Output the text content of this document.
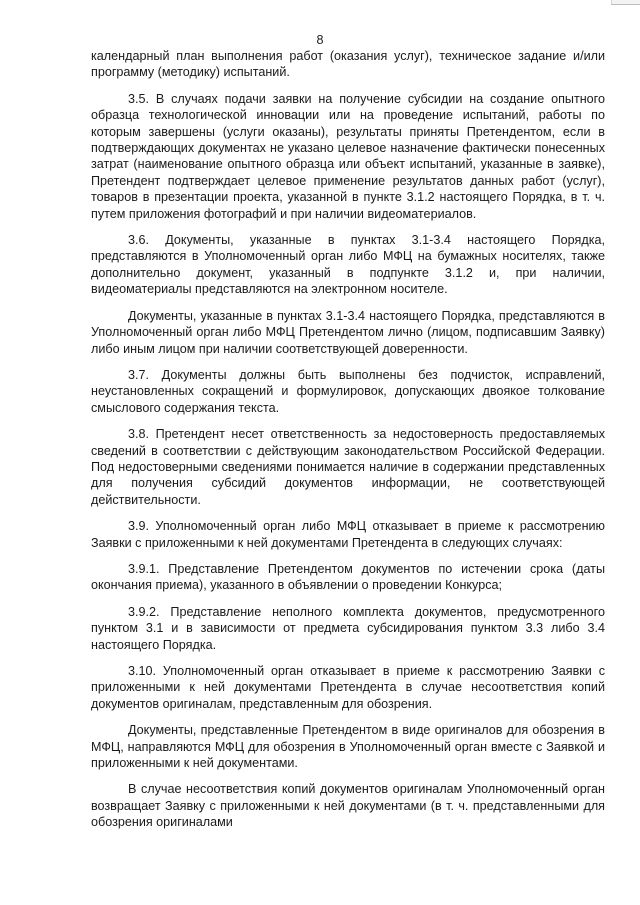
8

календарный план выполнения работ (оказания услуг), техническое задание и/или программу (методику) испытаний.

3.5. В случаях подачи заявки на получение субсидии на создание опытного образца технологической инновации или на проведение испытаний, работы по которым завершены (услуги оказаны), результаты приняты Претендентом, если в подтверждающих документах не указано целевое назначение фактически понесенных затрат (наименование опытного образца или объект испытаний, указанные в заявке), Претендент подтверждает целевое применение результатов данных работ (услуг), товаров в презентации проекта, указанной в пункте 3.1.2 настоящего Порядка, в т. ч. путем приложения фотографий и при наличии видеоматериалов.

3.6. Документы, указанные в пунктах 3.1-3.4 настоящего Порядка, представляются в Уполномоченный орган либо МФЦ на бумажных носителях, также дополнительно документ, указанный в подпункте 3.1.2 и, при наличии, видеоматериалы представляются на электронном носителе.

Документы, указанные в пунктах 3.1-3.4 настоящего Порядка, представляются в Уполномоченный орган либо МФЦ Претендентом лично (лицом, подписавшим Заявку) либо иным лицом при наличии соответствующей доверенности.

3.7. Документы должны быть выполнены без подчисток, исправлений, неустановленных сокращений и формулировок, допускающих двоякое толкование смыслового содержания текста.

3.8. Претендент несет ответственность за недостоверность предоставляемых сведений в соответствии с действующим законодательством Российской Федерации. Под недостоверными сведениями понимается наличие в содержании представленных для получения субсидий документов информации, не соответствующей действительности.

3.9. Уполномоченный орган либо МФЦ отказывает в приеме к рассмотрению Заявки с приложенными к ней документами Претендента в следующих случаях:

3.9.1. Представление Претендентом документов по истечении срока (даты окончания приема), указанного в объявлении о проведении Конкурса;

3.9.2. Представление неполного комплекта документов, предусмотренного пунктом 3.1 и в зависимости от предмета субсидирования пунктом 3.3 либо 3.4 настоящего Порядка.

3.10. Уполномоченный орган отказывает в приеме к рассмотрению Заявки с приложенными к ней документами Претендента в случае несоответствия копий документов оригиналам, представленным для обозрения.

Документы, представленные Претендентом в виде оригиналов для обозрения в МФЦ, направляются МФЦ для обозрения в Уполномоченный орган вместе с Заявкой и приложенными к ней документами.

В случае несоответствия копий документов оригиналам Уполномоченный орган возвращает Заявку с приложенными к ней документами (в т. ч. представленными для обозрения оригиналами
